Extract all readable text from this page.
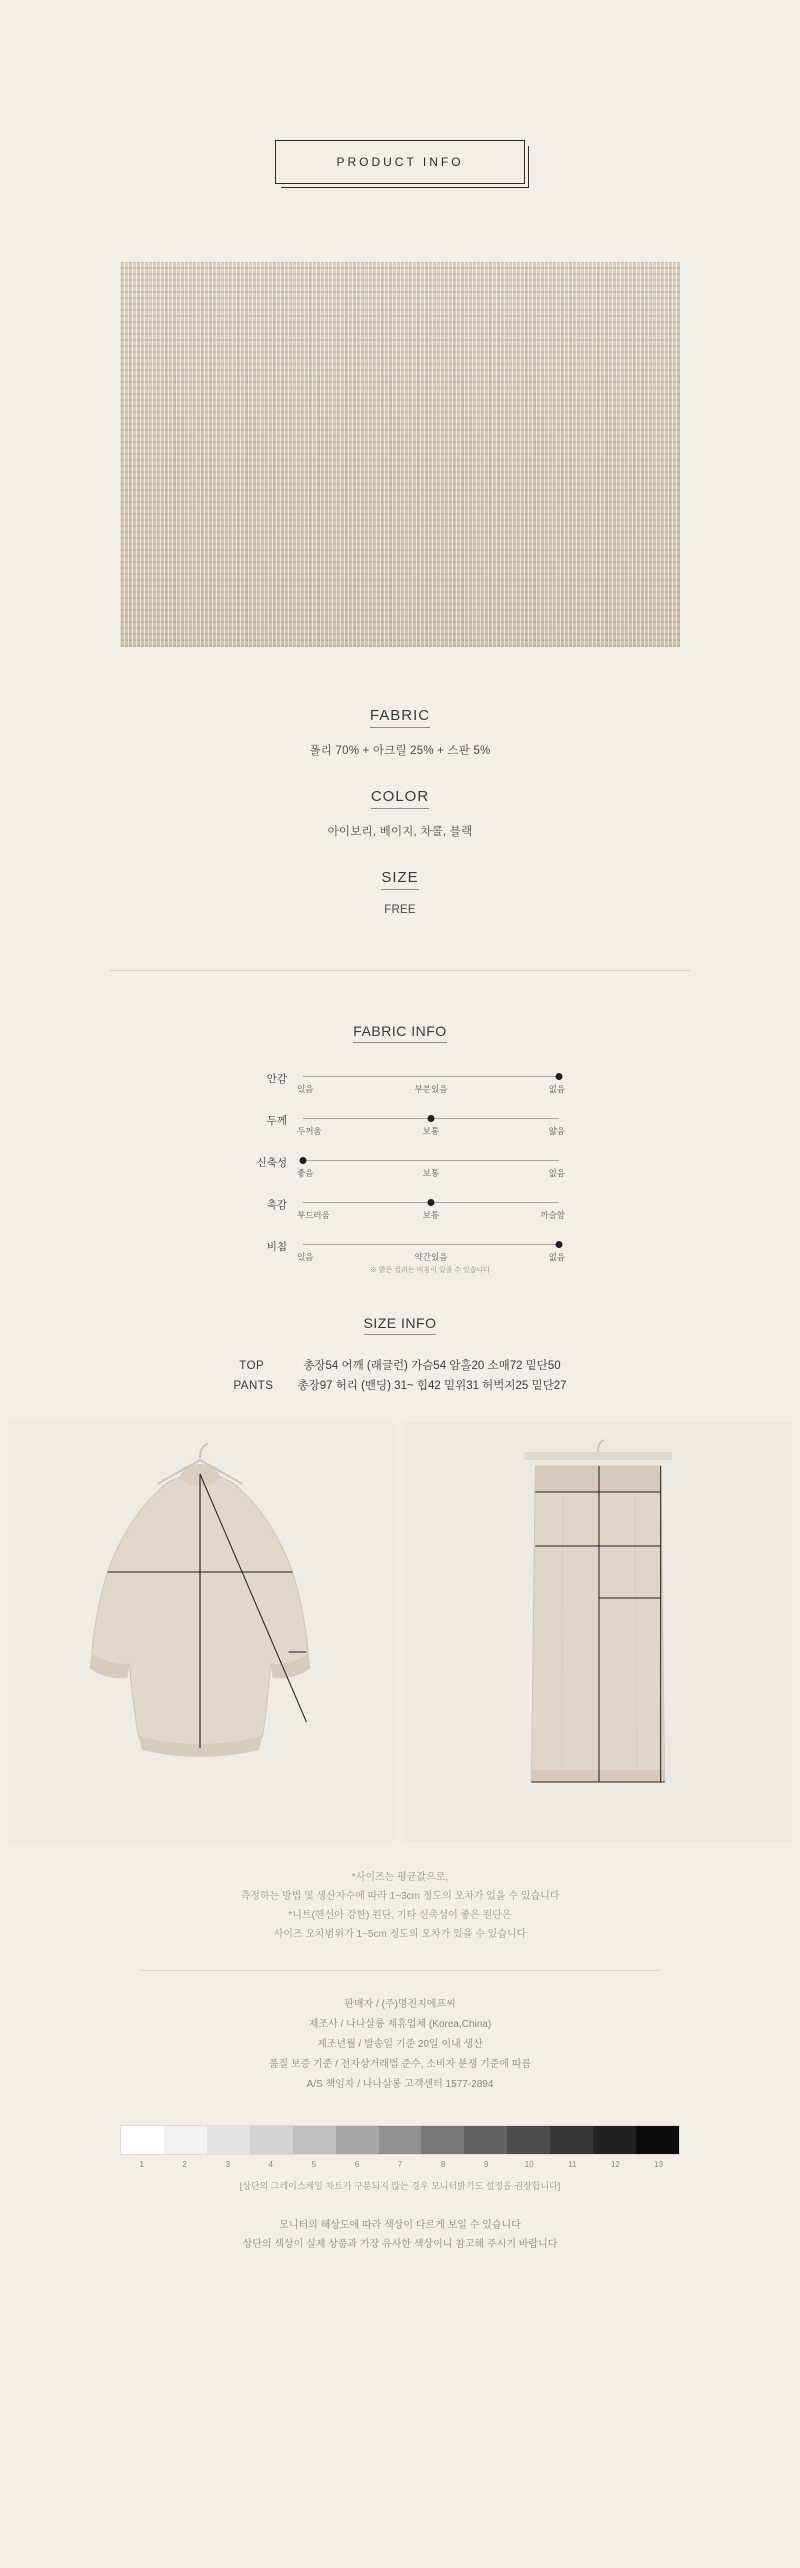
PRODUCT INFO
FABRIC
폴리 70% + 아크릴 25% + 스판 5%
COLOR
아이보리, 베이지, 차콜, 블랙
SIZE
FREE
FABRIC INFO
안감
있음	부분있음	없음
두께
두꺼움	보통	얇음
신축성
좋음	보통	없음
촉감
부드러움	보통	까슬함
비침
있음	약간있음	없음
※ 밝은 컬러는 비침이 있을 수 있습니다.
SIZE INFO
TOP	총장54 어깨 (래글런) 가슴54 암홀20 소매72 밑단50
PANTS	총장97 허리 (밴딩) 31~ 힙42 밑위31 허벅지25 밑단27
*사이즈는 평균값으로,
측정하는 방법 및 생산자수에 따라 1~3cm 정도의 오차가 있을 수 있습니다
*니트(핸선아 강한) 원단, 기타 신축성이 좋은 원단은
사이즈 오차범위가 1~5cm 정도의 오차가 있을 수 있습니다
판매자 / (주)명진지에프씨
제조사 / 나나살롱 제휴업체 (Korea,China)
제조년월 / 발송일 기준 20일 이내 생산
품질 보증 기준 / 전자상거래법 준수, 소비자 분쟁 기준에 따름
A/S 책임자 / 나나살롱 고객센터 1577-2894
1	2	3	4	5	6	7	8	9	10	11	12	13
[상단의 그레이스케일 차트가 구분되지 않는 경우 모니터밝기도 설정을 권장합니다]
모니터의 해상도에 따라 색상이 다르게 보일 수 있습니다
상단의 색상이 실제 상품과 가장 유사한 색상이니 참고해 주시기 바랍니다
